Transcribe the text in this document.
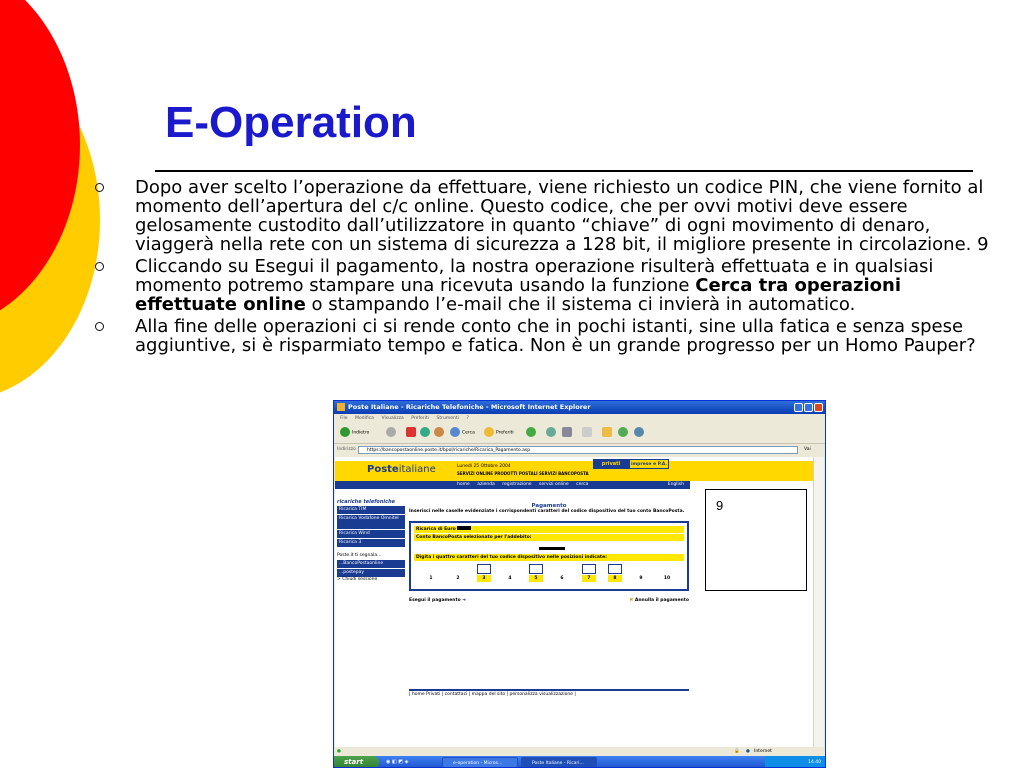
E-Operation
Dopo aver scelto l’operazione da effettuare, viene richiesto un codice PIN, che viene fornito al momento dell’apertura del c/c online. Questo codice, che per ovvi motivi deve essere gelosamente custodito dall’utilizzatore in quanto “chiave” di ogni movimento di denaro, viaggerà nella rete con un sistema di sicurezza a 128 bit, il migliore presente in circolazione. 9
Cliccando su Esegui il pagamento, la nostra operazione risulterà effettuata e in qualsiasi momento potremo stampare una ricevuta usando la funzione Cerca tra operazioni effettuate online o stampando l’e-mail che il sistema ci invierà in automatico.
Alla fine delle operazioni ci si rende conto che in pochi istanti, sine ulla fatica e senza spese aggiuntive, si è risparmiato tempo e fatica. Non è un grande progresso per un Homo Pauper?
Poste Italiane - Ricariche Telefoniche - Microsoft Internet Explorer
File Modifica Visualizza Preferiti Strumenti ?
Indietro	Cerca	Preferiti
Indirizzo	https://bancopostaonline.poste.it/bpol/ricariche/Ricarica_Pagamento.asp	Vai
Posteitaliane	Lunedì 25 Ottobre 2004
SERVIZI ONLINE PRODOTTI POSTALI SERVIZI BANCOPOSTA
privati	imprese e P.A.
home azienda registrazione servizi online cerca	English
ricariche telefoniche
Ricarica TIM
Ricarica Vodafone Omnitel
Ricarica Wind
Ricarica 3
Poste.it ti segnala...
...BancoPostaonline
...postepay
> Chiudi sessione
Pagamento
Inserisci nelle caselle evidenziate i corrispondenti caratteri del codice dispositivo del tuo conto BancoPosta.
Ricarica di Euro
Conto BancoPosta selezionato per l'addebito:
Digita i quattro caratteri del tuo codice dispositivo nelle posizioni indicate:
1	2	3	4	5	6	7	8	9	10
Esegui il pagamento ➜	✖ Annulla il pagamento
| home Privati | contattaci | mappa del sito | personalizza visualizzazione |
●	🔒 ● Internet
start	◉ ◧ ◩ ◈	e-operation - Micros...	Poste Italiane - Ricari...	14.40
9
